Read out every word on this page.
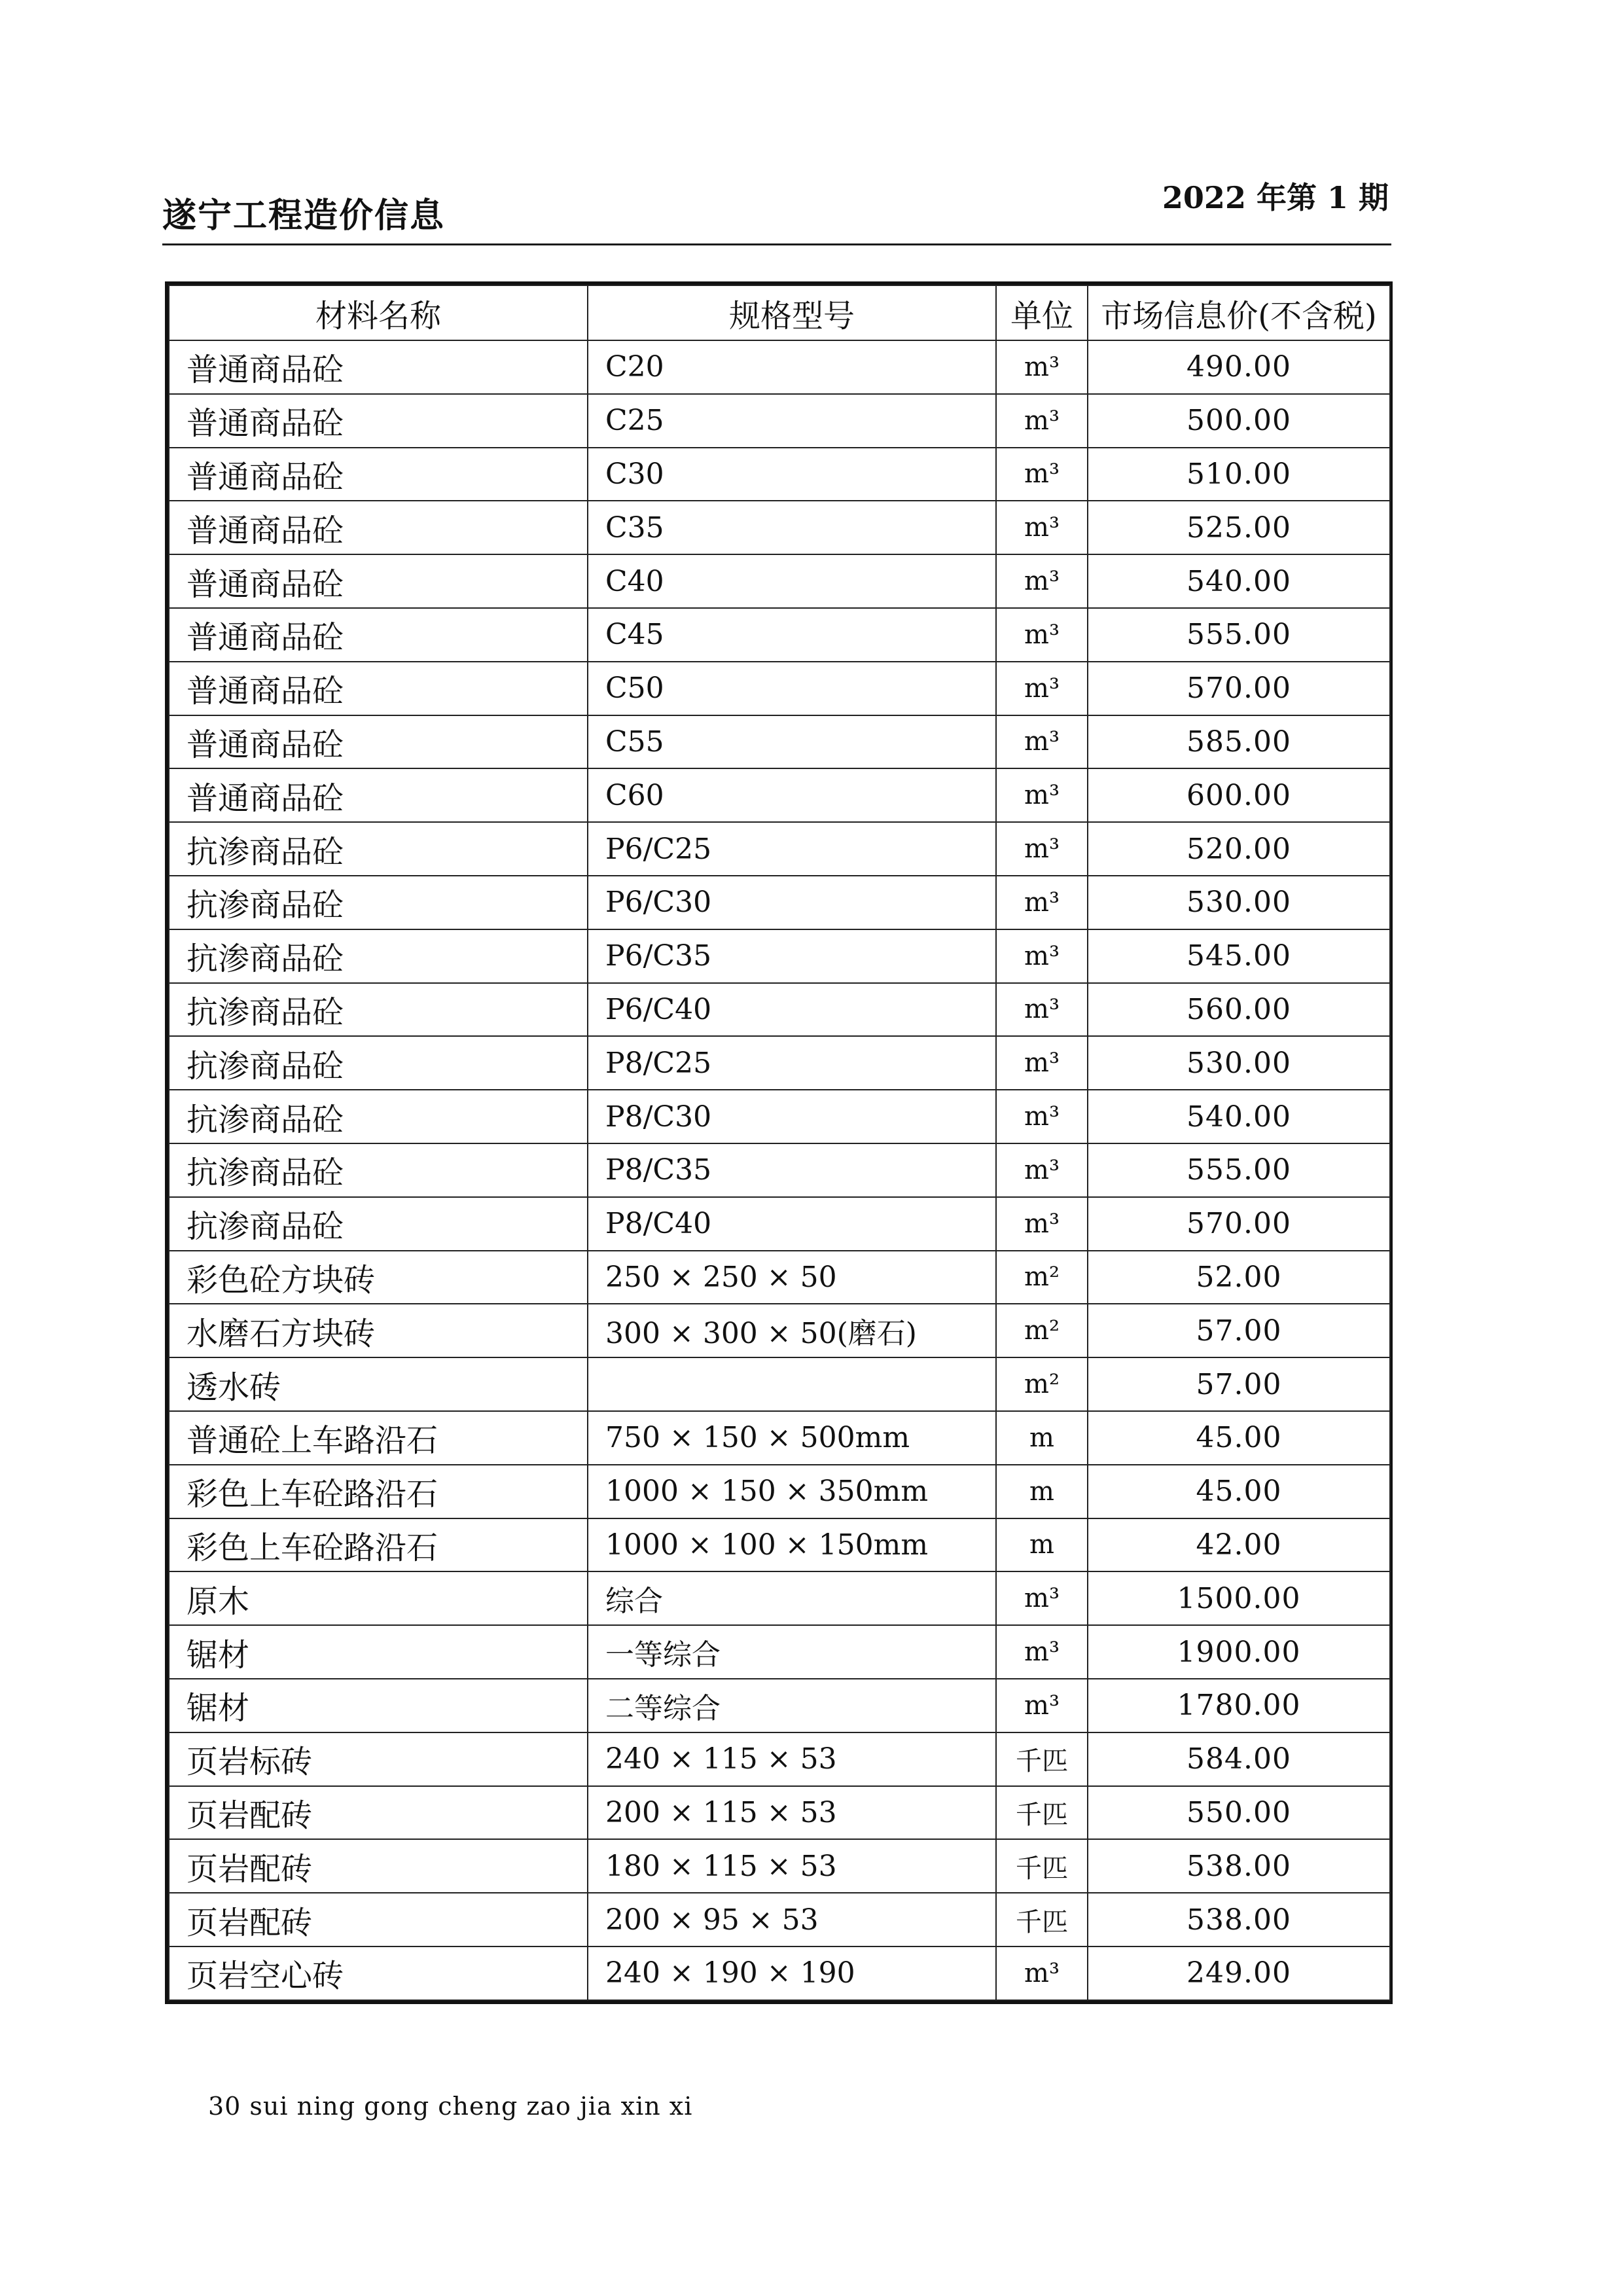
遂宁工程造价信息	2022 年第 1 期
材料名称	规格型号	单位	市场信息价(不含税)
普通商品砼	C20	m³	490.00
普通商品砼	C25	m³	500.00
普通商品砼	C30	m³	510.00
普通商品砼	C35	m³	525.00
普通商品砼	C40	m³	540.00
普通商品砼	C45	m³	555.00
普通商品砼	C50	m³	570.00
普通商品砼	C55	m³	585.00
普通商品砼	C60	m³	600.00
抗渗商品砼	P6/C25	m³	520.00
抗渗商品砼	P6/C30	m³	530.00
抗渗商品砼	P6/C35	m³	545.00
抗渗商品砼	P6/C40	m³	560.00
抗渗商品砼	P8/C25	m³	530.00
抗渗商品砼	P8/C30	m³	540.00
抗渗商品砼	P8/C35	m³	555.00
抗渗商品砼	P8/C40	m³	570.00
彩色砼方块砖	250 × 250 × 50	m²	52.00
水磨石方块砖	300 × 300 × 50(磨石)	m²	57.00
透水砖		m²	57.00
普通砼上车路沿石	750 × 150 × 500mm	m	45.00
彩色上车砼路沿石	1000 × 150 × 350mm	m	45.00
彩色上车砼路沿石	1000 × 100 × 150mm	m	42.00
原木	综合	m³	1500.00
锯材	一等综合	m³	1900.00
锯材	二等综合	m³	1780.00
页岩标砖	240 × 115 × 53	千匹	584.00
页岩配砖	200 × 115 × 53	千匹	550.00
页岩配砖	180 × 115 × 53	千匹	538.00
页岩配砖	200 × 95 × 53	千匹	538.00
页岩空心砖	240 × 190 × 190	m³	249.00
30 sui ning gong cheng zao jia xin xi
